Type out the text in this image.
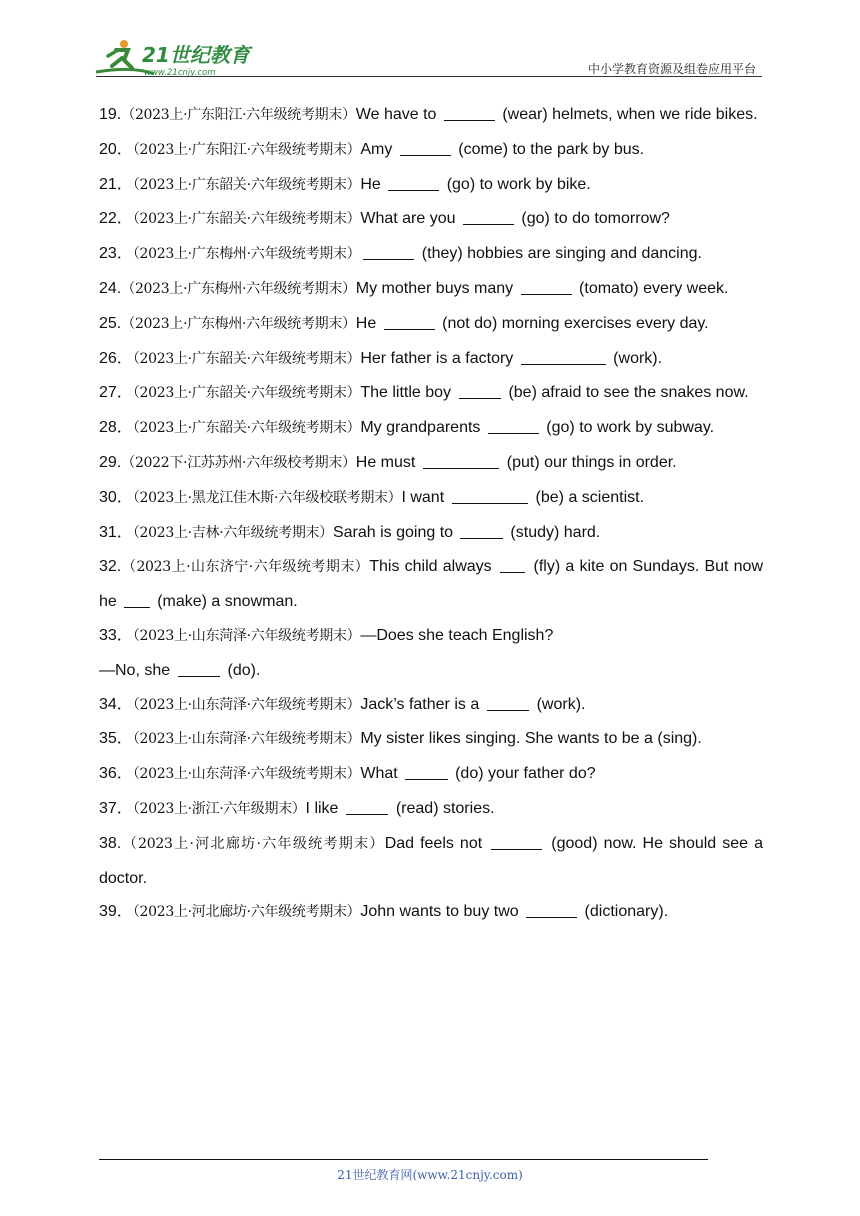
21世纪教育
www.21cnjy.com	中小学教育资源及组卷应用平台
19.（2023上·广东阳江·六年级统考期末）We have to	(wear) helmets, when we ride bikes.
20．（2023上·广东阳江·六年级统考期末）Amy	(come) to the park by bus.
21．（2023上·广东韶关·六年级统考期末）He	(go) to work by bike.
22．（2023上·广东韶关·六年级统考期末）What are you	(go) to do tomorrow?
23．（2023上·广东梅州·六年级统考期末）	(they) hobbies are singing and dancing.
24.（2023上·广东梅州·六年级统考期末）My mother buys many	(tomato) every week.
25.（2023上·广东梅州·六年级统考期末）He	(not do) morning exercises every day.
26．（2023上·广东韶关·六年级统考期末）Her father is a factory	(work).
27．（2023上·广东韶关·六年级统考期末）The little boy	(be) afraid to see the snakes now.
28．（2023上·广东韶关·六年级统考期末）My grandparents	(go) to work by subway.
29.（2022下·江苏苏州·六年级校考期末）He must	(put) our things in order.
30．（2023上·黑龙江佳木斯·六年级校联考期末）I want	(be) a scientist.
31．（2023上·吉林·六年级统考期末）Sarah is going to	(study) hard.
32.（2023上·山东济宁·六年级统考期末）This child always  (fly) a kite on Sundays. But now he  (make) a snowman.
33．（2023上·山东菏泽·六年级统考期末）—Does she teach English?
—No, she	(do).
34．（2023上·山东菏泽·六年级统考期末）Jack’s father is a	(work).
35．（2023上·山东菏泽·六年级统考期末）My sister likes singing. She wants to be a (sing).
36．（2023上·山东菏泽·六年级统考期末）What	(do) your father do?
37．（2023上·浙江·六年级期末）I like	(read) stories.
38.（2023上·河北廊坊·六年级统考期末）Dad feels not	(good) now. He should see a doctor.
39．（2023上·河北廊坊·六年级统考期末）John wants to buy two	(dictionary).
21世纪教育网(www.21cnjy.com)
